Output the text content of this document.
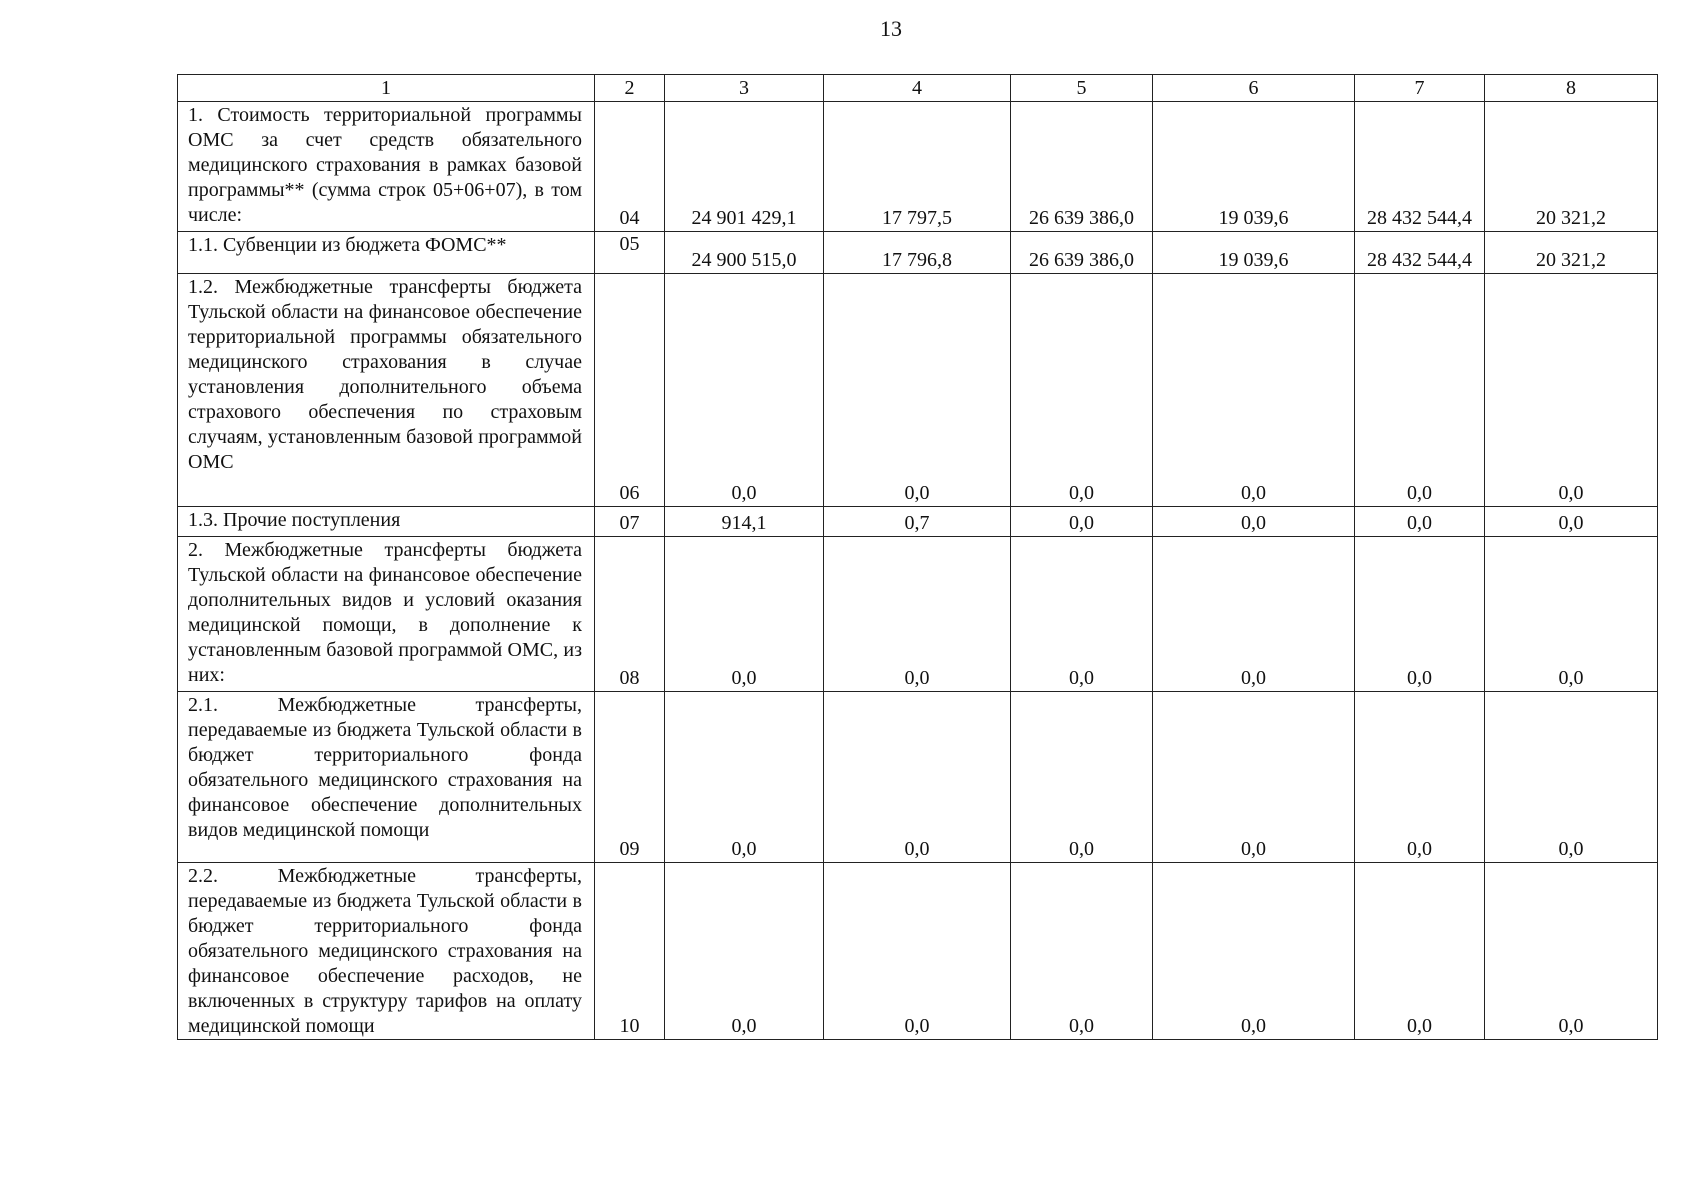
13
1	2	3	4	5	6	7	8
1. Стоимость территориальной программы ОМС за счет средств обязательного медицинского страхования в рамках базовой программы** (сумма строк 05+06+07), в том числе:	04	24 901 429,1	17 797,5	26 639 386,0	19 039,6	28 432 544,4	20 321,2
1.1. Субвенции из бюджета ФОМС**	05	24 900 515,0	17 796,8	26 639 386,0	19 039,6	28 432 544,4	20 321,2
1.2. Межбюджетные трансферты бюджета Тульской области на финансовое обеспечение территориальной программы обязательного медицинского страхования в случае установления дополнительного объема страхового обеспечения по страховым случаям, установленным базовой программой ОМС	06	0,0	0,0	0,0	0,0	0,0	0,0
1.3. Прочие поступления	07	914,1	0,7	0,0	0,0	0,0	0,0
2. Межбюджетные трансферты бюджета Тульской области на финансовое обеспечение дополнительных видов и условий оказания медицинской помощи, в дополнение к установленным базовой программой ОМС, из них:	08	0,0	0,0	0,0	0,0	0,0	0,0
2.1. Межбюджетные трансферты, передаваемые из бюджета Тульской области в бюджет территориального фонда обязательного медицинского страхования на финансовое обеспечение дополнительных видов медицинской помощи	09	0,0	0,0	0,0	0,0	0,0	0,0
2.2. Межбюджетные трансферты, передаваемые из бюджета Тульской области в бюджет территориального фонда обязательного медицинского страхования на финансовое обеспечение расходов, не включенных в структуру тарифов на оплату медицинской помощи	10	0,0	0,0	0,0	0,0	0,0	0,0
